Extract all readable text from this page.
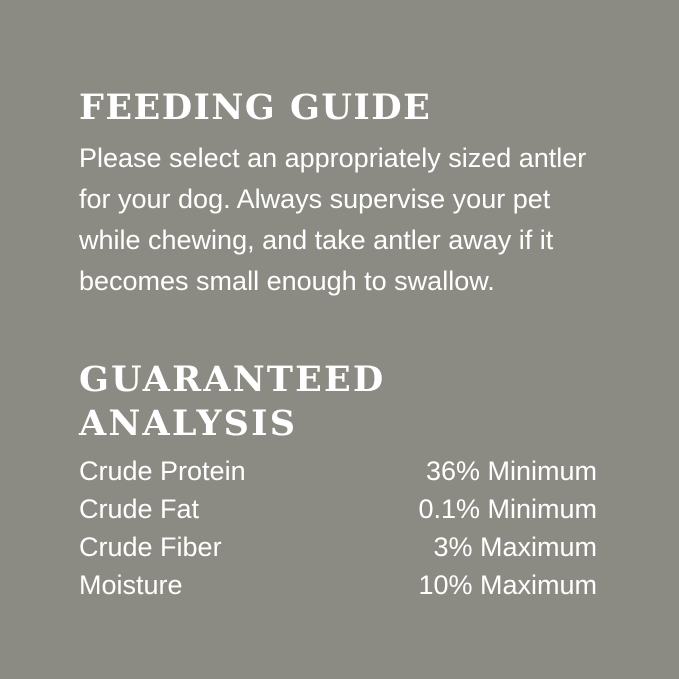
FEEDING GUIDE

Please select an appropriately sized antler for your dog. Always supervise your pet while chewing, and take antler away if it becomes small enough to swallow.

GUARANTEED ANALYSIS
Crude Protein	36% Minimum
Crude Fat	0.1% Minimum
Crude Fiber	3% Maximum
Moisture	10% Maximum
